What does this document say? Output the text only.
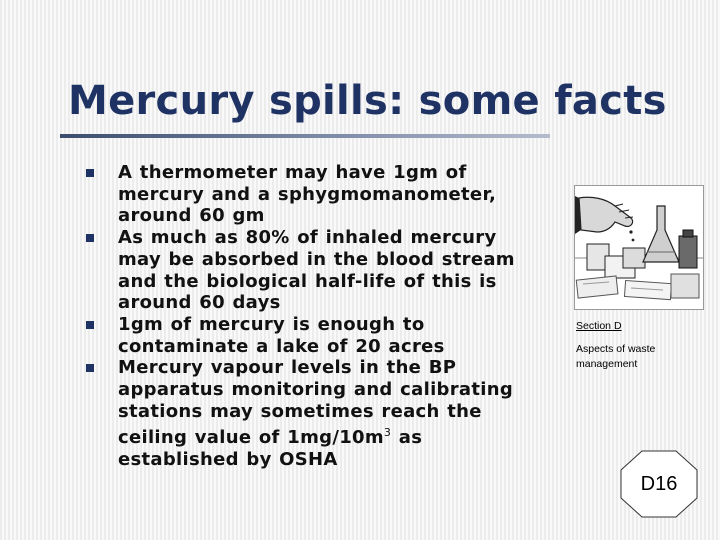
Mercury spills: some facts
A thermometer may have 1gm of mercury and a sphygmomanometer, around 60 gm
As much as 80% of inhaled mercury may be absorbed in the blood stream and the biological half-life of this is around 60 days
1gm of mercury is enough to contaminate a lake of 20 acres
Mercury vapour levels in the BP apparatus monitoring and calibrating stations may sometimes reach the ceiling value of $1mg/10m^3$ as established by OSHA
Section D
Aspects of waste management
D16
